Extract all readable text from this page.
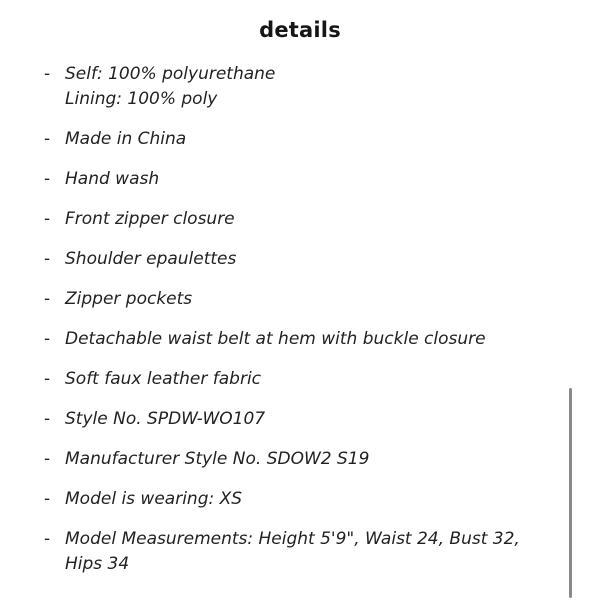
details
- Self: 100% polyurethane
Lining: 100% poly
- Made in China
- Hand wash
- Front zipper closure
- Shoulder epaulettes
- Zipper pockets
- Detachable waist belt at hem with buckle closure
- Soft faux leather fabric
- Style No. SPDW-WO107
- Manufacturer Style No. SDOW2 S19
- Model is wearing: XS
- Model Measurements: Height 5'9", Waist 24, Bust 32,
Hips 34
